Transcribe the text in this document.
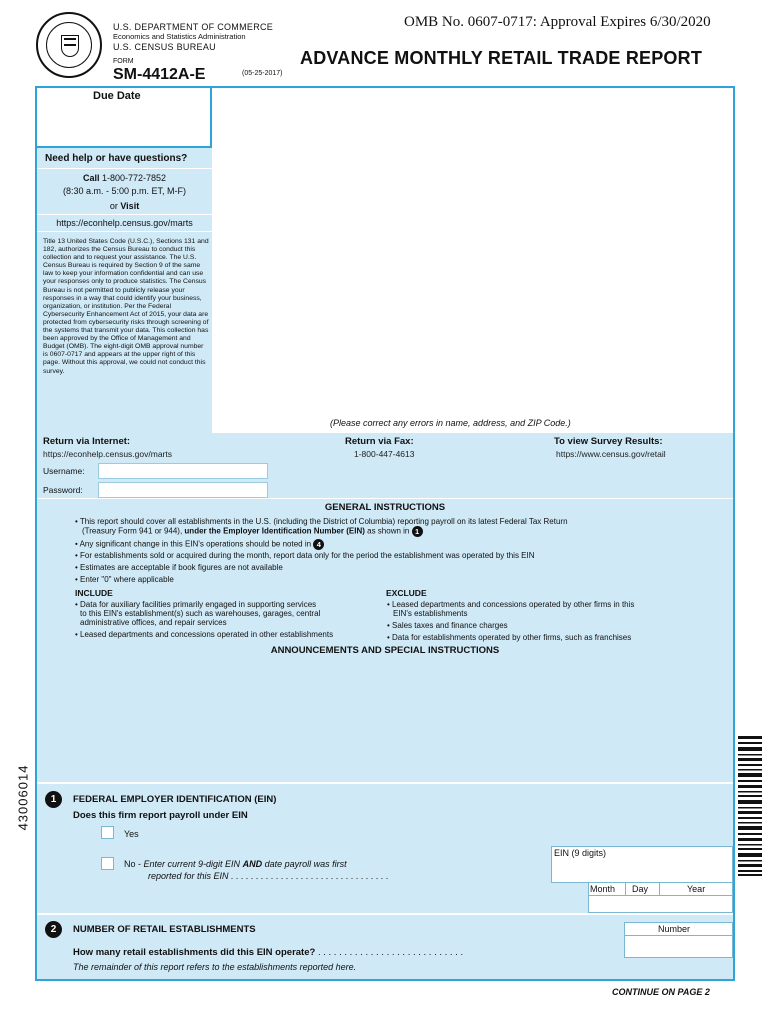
U.S. DEPARTMENT OF COMMERCE
Economics and Statistics Administration
U.S. CENSUS BUREAU
OMB No. 0607-0717: Approval Expires 6/30/2020
FORM
SM-4412A-E	(05-25-2017)
ADVANCE MONTHLY RETAIL TRADE REPORT
Due Date
Need help or have questions?
Call 1-800-772-7852
(8:30 a.m. - 5:00 p.m. ET, M-F)
or Visit
https://econhelp.census.gov/marts
Title 13 United States Code (U.S.C.), Sections 131 and 182, authorizes the Census Bureau to conduct this collection and to request your assistance. The U.S. Census Bureau is required by Section 9 of the same law to keep your information confidential and can use your responses only to produce statistics. The Census Bureau is not permitted to publicly release your responses in a way that could identify your business, organization, or institution. Per the Federal Cybersecurity Enhancement Act of 2015, your data are protected from cybersecurity risks through screening of the systems that transmit your data. This collection has been approved by the Office of Management and Budget (OMB). The eight-digit OMB approval number is 0607-0717 and appears at the upper right of this page. Without this approval, we could not conduct this survey.
(Please correct any errors in name, address, and ZIP Code.)
Return via Internet:
https://econhelp.census.gov/marts
Return via Fax:
1-800-447-4613
To view Survey Results:
https://www.census.gov/retail
Username:
Password:
GENERAL INSTRUCTIONS
• This report should cover all establishments in the U.S. (including the District of Columbia) reporting payroll on its latest Federal Tax Return
(Treasury Form 941 or 944), under the Employer Identification Number (EIN) as shown in 1
• Any significant change in this EIN's operations should be noted in 4
• For establishments sold or acquired during the month, report data only for the period the establishment was operated by this EIN
• Estimates are acceptable if book figures are not available
• Enter "0" where applicable
INCLUDE
• Data for auxiliary facilities primarily engaged in supporting services
to this EIN's establishment(s) such as warehouses, garages, central
administrative offices, and repair services
• Leased departments and concessions operated in other establishments
EXCLUDE
• Leased departments and concessions operated by other firms in this
EIN's establishments
• Sales taxes and finance charges
• Data for establishments operated by other firms, such as franchises
ANNOUNCEMENTS AND SPECIAL INSTRUCTIONS
1	FEDERAL EMPLOYER IDENTIFICATION (EIN)
Does this firm report payroll under EIN
Yes
No - Enter current 9-digit EIN AND date payroll was first
reported for this EIN . . . . . . . . . . . . . . . . . . . . . . . . . . . . . . . .
EIN (9 digits)
Month Day	Year
2	NUMBER OF RETAIL ESTABLISHMENTS	Number
How many retail establishments did this EIN operate? . . . . . . . . . . . . . . . . . . . . . . . . . . . .
The remainder of this report refers to the establishments reported here.
43006014
CONTINUE ON PAGE 2
